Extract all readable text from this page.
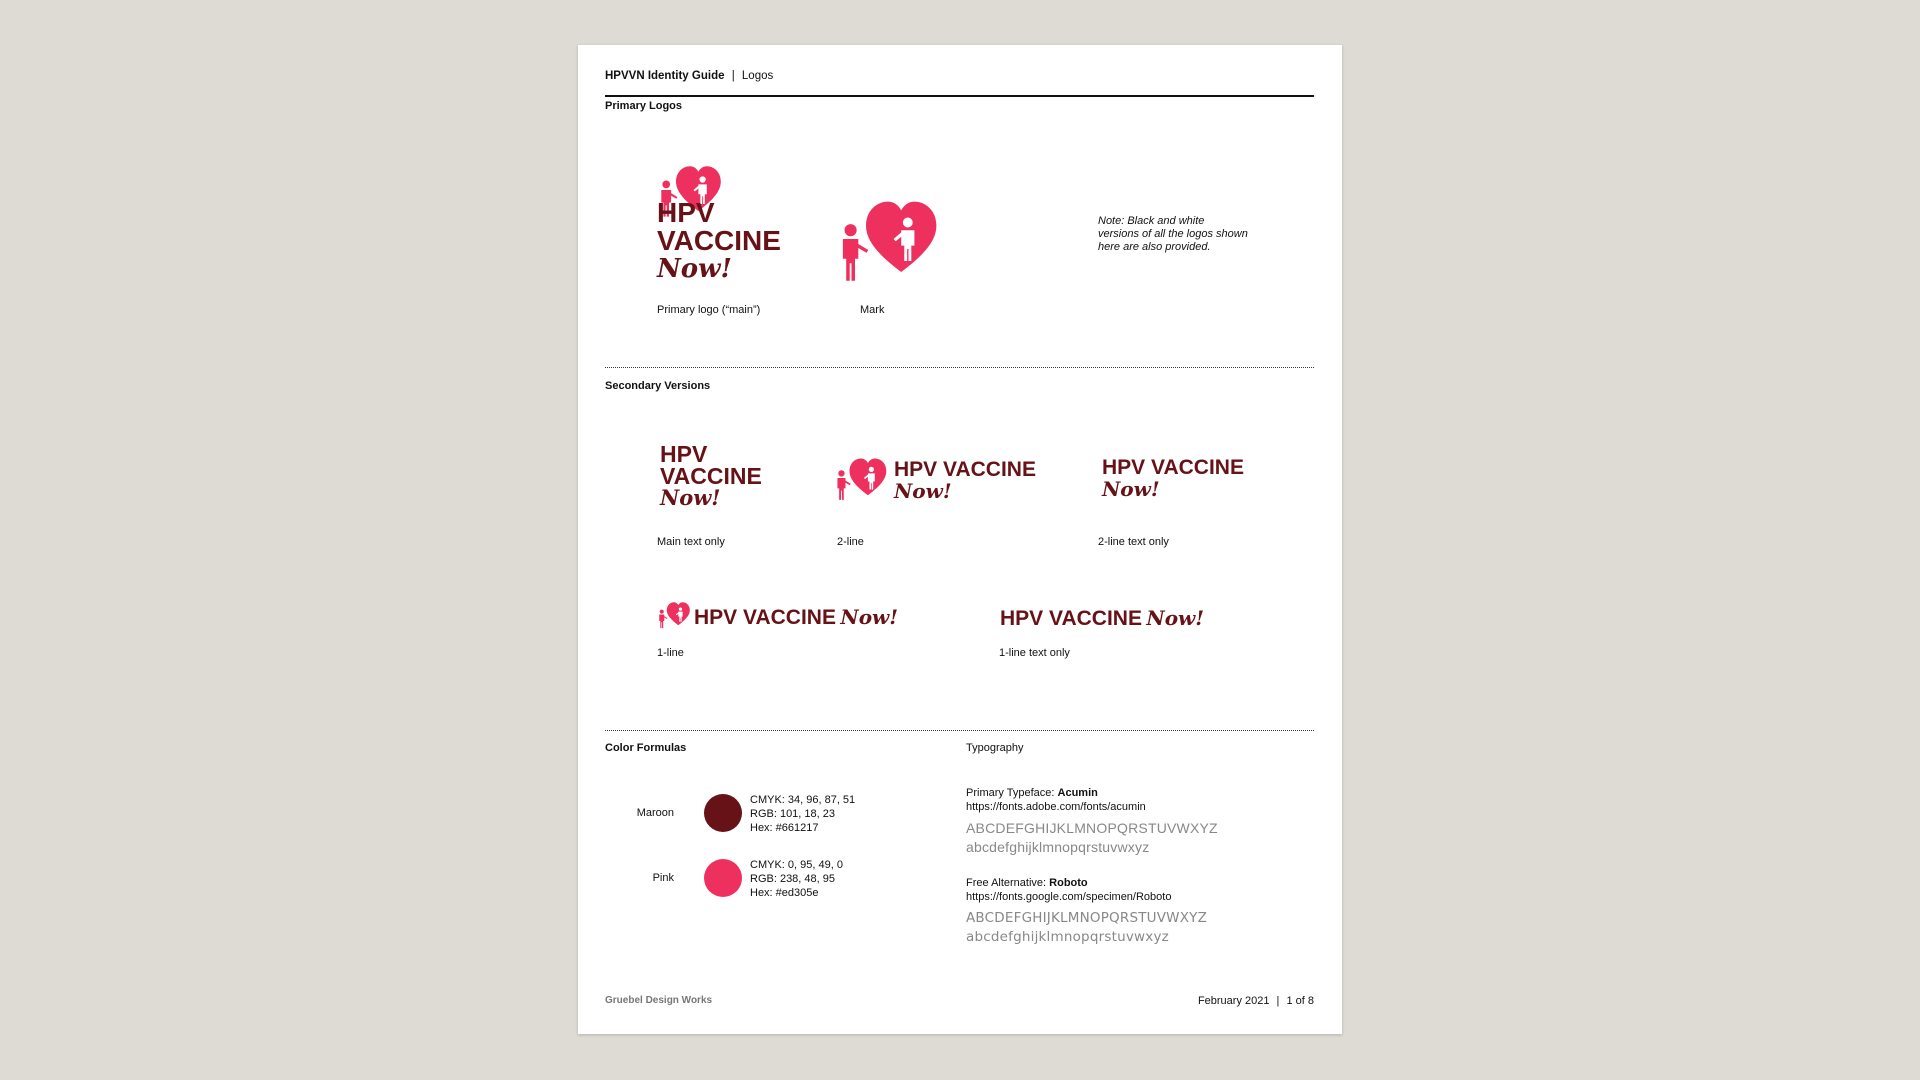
HPVVN Identity Guide | Logos
Primary Logos
HPV
VACCINE
Now!
Primary logo (“main”)	Mark
Note: Black and white versions of all the logos shown here are also provided.
Secondary Versions
HPV
VACCINE
Now!
Main text only
HPV VACCINE
Now!
2-line
HPV VACCINE
Now!
2-line text only
HPV VACCINE Now!
1-line
HPV VACCINE Now!
1-line text only
Color Formulas
Maroon
CMYK: 34, 96, 87, 51
RGB: 101, 18, 23
Hex: #661217
Pink
CMYK: 0, 95, 49, 0
RGB: 238, 48, 95
Hex: #ed305e
Typography
Primary Typeface: Acumin
https://fonts.adobe.com/fonts/acumin
ABCDEFGHIJKLMNOPQRSTUVWXYZ
abcdefghijklmnopqrstuvwxyz
Free Alternative: Roboto
https://fonts.google.com/specimen/Roboto
ABCDEFGHIJKLMNOPQRSTUVWXYZ
abcdefghijklmnopqrstuvwxyz
Gruebel Design Works	February 2021 | 1 of 8
